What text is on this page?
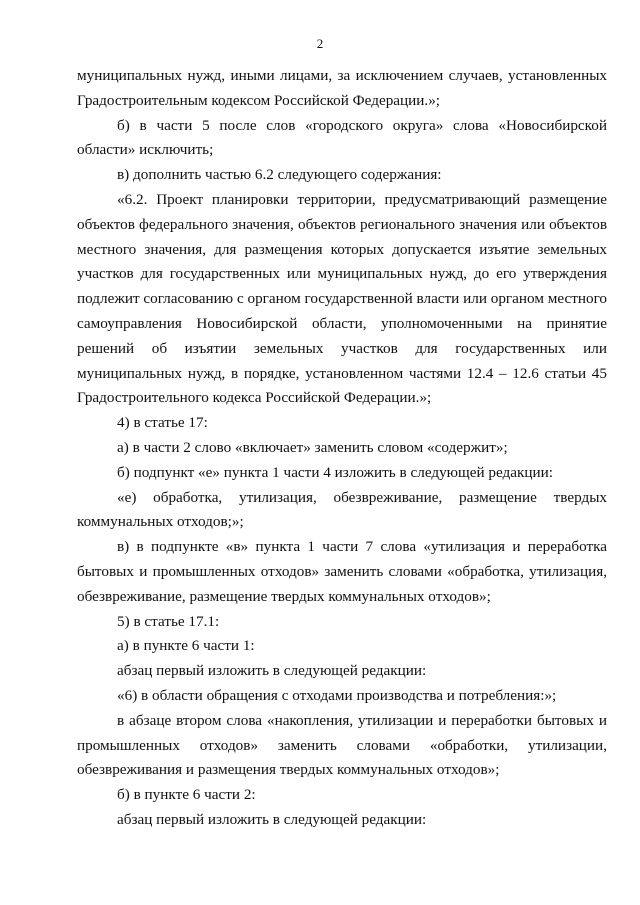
2

муниципальных нужд, иными лицами, за исключением случаев, установленных Градостроительным кодексом Российской Федерации.»;

б) в части 5 после слов «городского округа» слова «Новосибирской области» исключить;

в) дополнить частью 6.2 следующего содержания:

«6.2. Проект планировки территории, предусматривающий размещение объектов федерального значения, объектов регионального значения или объектов местного значения, для размещения которых допускается изъятие земельных участков для государственных или муниципальных нужд, до его утверждения подлежит согласованию с органом государственной власти или органом местного самоуправления Новосибирской области, уполномоченными на принятие решений об изъятии земельных участков для государственных или муниципальных нужд, в порядке, установленном частями 12.4 – 12.6 статьи 45 Градостроительного кодекса Российской Федерации.»;

4) в статье 17:

а) в части 2 слово «включает» заменить словом «содержит»;

б) подпункт «е» пункта 1 части 4 изложить в следующей редакции:

«е) обработка, утилизация, обезвреживание, размещение твердых коммунальных отходов;»;

в) в подпункте «в» пункта 1 части 7 слова «утилизация и переработка бытовых и промышленных отходов» заменить словами «обработка, утилизация, обезвреживание, размещение твердых коммунальных отходов»;

5) в статье 17.1:

а) в пункте 6 части 1:

абзац первый изложить в следующей редакции:

«6) в области обращения с отходами производства и потребления:»;

в абзаце втором слова «накопления, утилизации и переработки бытовых и промышленных отходов» заменить словами «обработки, утилизации, обезвреживания и размещения твердых коммунальных отходов»;

б) в пункте 6 части 2:

абзац первый изложить в следующей редакции:
